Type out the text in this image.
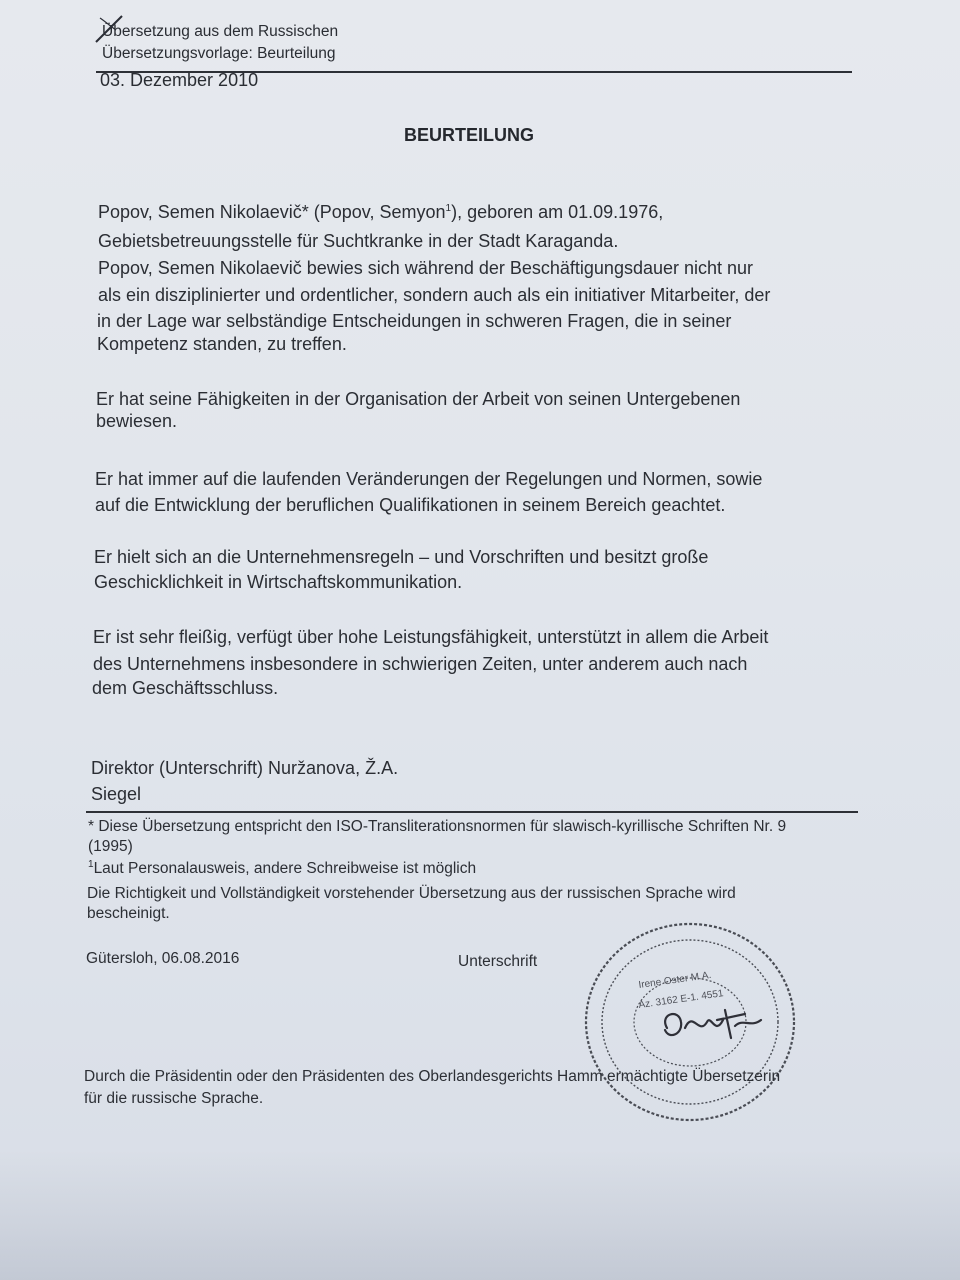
Übersetzung aus dem Russischen
Übersetzungsvorlage: Beurteilung
03. Dezember 2010
BEURTEILUNG
Popov, Semen Nikolaevič* (Popov, Semyon$^1$), geboren am 01.09.1976,
Gebietsbetreuungsstelle für Suchtkranke in der Stadt Karaganda.
Popov, Semen Nikolaevič bewies sich während der Beschäftigungsdauer nicht nur
als ein disziplinierter und ordentlicher, sondern auch als ein initiativer Mitarbeiter, der
in der Lage war selbständige Entscheidungen in schweren Fragen, die in seiner
Kompetenz standen, zu treffen.
Er hat seine Fähigkeiten in der Organisation der Arbeit von seinen Untergebenen
bewiesen.
Er hat immer auf die laufenden Veränderungen der Regelungen und Normen, sowie
auf die Entwicklung der beruflichen Qualifikationen in seinem Bereich geachtet.
Er hielt sich an die Unternehmensregeln – und Vorschriften und besitzt große
Geschicklichkeit in Wirtschaftskommunikation.
Er ist sehr fleißig, verfügt über hohe Leistungsfähigkeit, unterstützt in allem die Arbeit
des Unternehmens insbesondere in schwierigen Zeiten, unter anderem auch nach
dem Geschäftsschluss.
Direktor (Unterschrift) Nuržanova, Ž.A.
Siegel
* Diese Übersetzung entspricht den ISO-Transliterationsnormen für slawisch-kyrillische Schriften Nr. 9
(1995)
$^1$Laut Personalausweis, andere Schreibweise ist möglich
Die Richtigkeit und Vollständigkeit vorstehender Übersetzung aus der russischen Sprache wird
bescheinigt.
Gütersloh, 06.08.2016	Unterschrift
Irene Oster M.A.
Az. 3162 E-1. 4551
Durch die Präsidentin oder den Präsidenten des Oberlandesgerichts Hamm ermächtigte Übersetzerin
für die russische Sprache.
